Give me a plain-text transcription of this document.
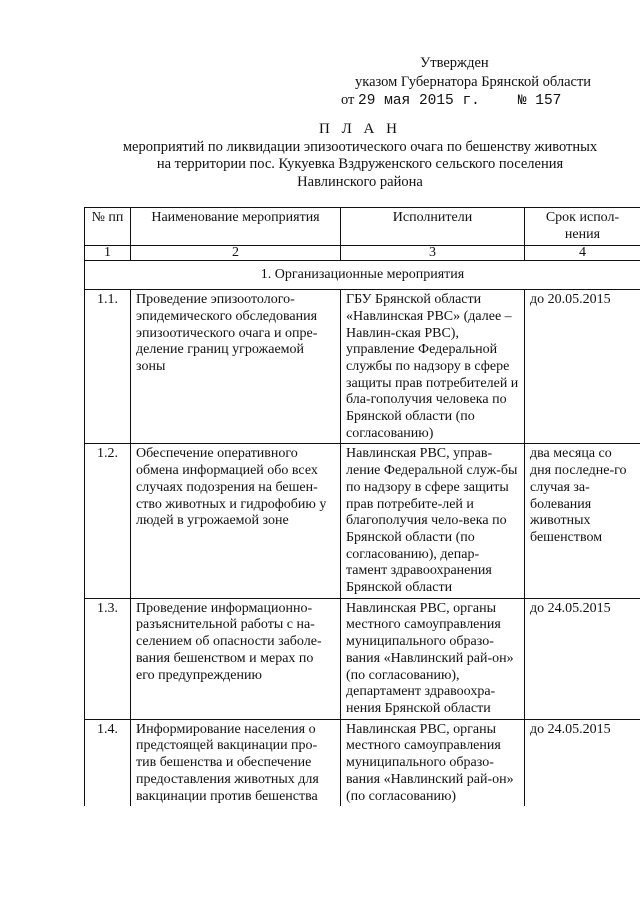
Утвержден
указом Губернатора Брянской области
от 29 мая 2015 г.	№ 157
П Л А Н
мероприятий по ликвидации эпизоотического очага по бешенству животных
на территории пос. Кукуевка Вздруженского сельского поселения
Навлинского района
№ пп	Наименование мероприятия	Исполнители	Срок испол-нения
1	2	3	4
1. Организационные мероприятия			
1.1.	Проведение эпизоотолого-эпидемического обследования эпизоотического очага и опре-деление границ угрожаемой зоны	ГБУ Брянской области «Навлинская РВС» (далее – Навлин-ская РВС), управление Федеральной службы по надзору в сфере защиты прав потребителей и бла-гополучия человека по Брянской области (по согласованию)	до 20.05.2015
1.2.	Обеспечение оперативного обмена информацией обо всех случаях подозрения на бешен-ство животных и гидрофобию у людей в угрожаемой зоне	Навлинская РВС, управ-ление Федеральной служ-бы по надзору в сфере защиты прав потребите-лей и благополучия чело-века по Брянской области (по согласованию), депар-тамент здравоохранения Брянской области	два месяца со дня последне-го случая за-болевания животных бешенством
1.3.	Проведение информационно-разъяснительной работы с на-селением об опасности заболе-вания бешенством и мерах по его предупреждению	Навлинская РВС, органы местного самоуправления муниципального образо-вания «Навлинский рай-он» (по согласованию), департамент здравоохра-нения Брянской области	до 24.05.2015
1.4.	Информирование населения о предстоящей вакцинации про-тив бешенства и обеспечение предоставления животных для вакцинации против бешенства	Навлинская РВС, органы местного самоуправления муниципального образо-вания «Навлинский рай-он» (по согласованию)	до 24.05.2015
